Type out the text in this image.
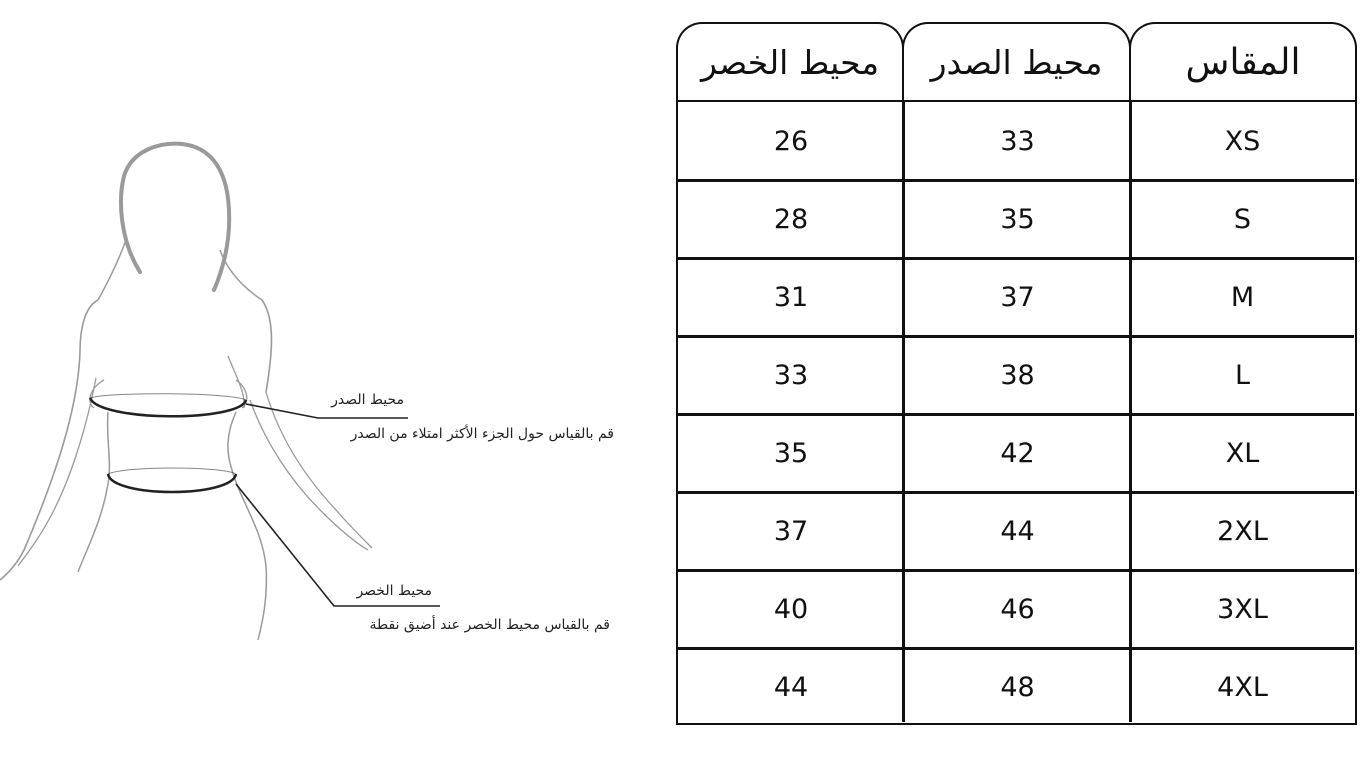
محيط الصدر
قم بالقياس حول الجزء الأكثر امتلاء من الصدر
محيط الخصر
قم بالقياس محيط الخصر عند أضيق نقطة
محيط الخصر	محيط الصدر	المقاس
26	33	XS
28	35	S
31	37	M
33	38	L
35	42	XL
37	44	2XL
40	46	3XL
44	48	4XL
